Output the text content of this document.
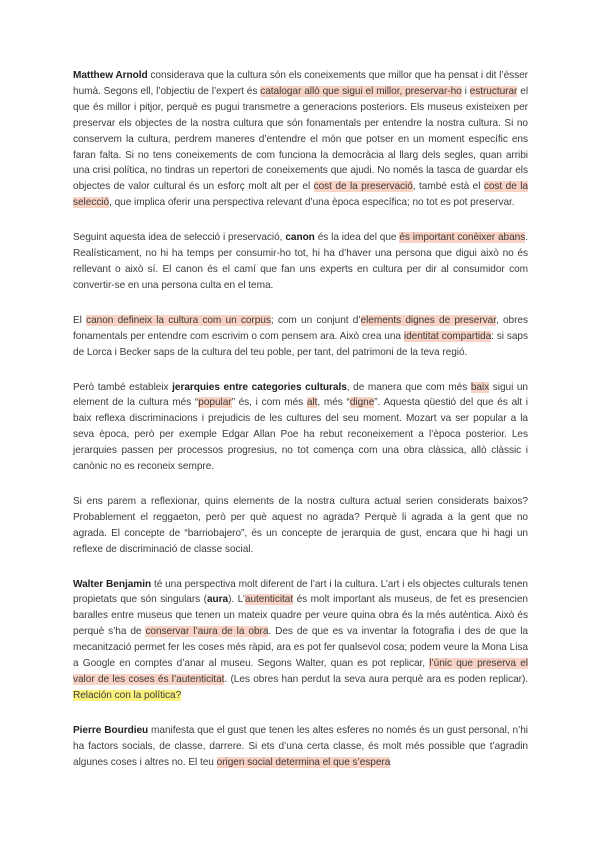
Matthew Arnold considerava que la cultura són els coneixements que millor que ha pensat i dit l’ésser humà. Segons ell, l’objectiu de l’expert és catalogar allò que sigui el millor, preservar-ho i estructurar el que és millor i pitjor, perquè es pugui transmetre a generacions posteriors. Els museus existeixen per preservar els objectes de la nostra cultura que són fonamentals per entendre la nostra cultura. Si no conservem la cultura, perdrem maneres d’entendre el món que potser en un moment específic ens faran falta. Si no tens coneixements de com funciona la democràcia al llarg dels segles, quan arribi una crisi política, no tindras un repertori de coneixements que ajudi. No només la tasca de guardar els objectes de valor cultural és un esforç molt alt per el cost de la preservació, també està el cost de la selecció, que implica oferir una perspectiva relevant d’una època específica; no tot es pot preservar.

Seguint aquesta idea de selecció i preservació, canon és la idea del que és important conèixer abans. Realísticament, no hi ha temps per consumir-ho tot, hi ha d’haver una persona que digui això no és rellevant o això sí. El canon és el camí que fan uns experts en cultura per dir al consumidor com convertir-se en una persona culta en el tema.

El canon defineix la cultura com un corpus; com un conjunt d’elements dignes de preservar, obres fonamentals per entendre com escrivim o com pensem ara. Això crea una identitat compartida: si saps de Lorca i Becker saps de la cultura del teu poble, per tant, del patrimoni de la teva regió.

Però també estableix jerarquies entre categories culturals, de manera que com més baix sigui un element de la cultura més “popular” és, i com més alt, més “digne”. Aquesta qüestió del que és alt i baix reflexa discriminacions i prejudicis de les cultures del seu moment. Mozart va ser popular a la seva època, però per exemple Edgar Allan Poe ha rebut reconeixement a l’època posterior. Les jerarquies passen per processos progresius, no tot comença com una obra clàssica, allò clàssic i canònic no es reconeix sempre.

Si ens parem a reflexionar, quins elements de la nostra cultura actual serien considerats baixos? Probablement el reggaeton, però per què aquest no agrada? Perquè li agrada a la gent que no agrada. El concepte de “barriobajero”, és un concepte de jerarquia de gust, encara que hi hagi un reflexe de discriminació de classe social.

Walter Benjamin té una perspectiva molt diferent de l’art i la cultura. L’art i els objectes culturals tenen propietats que són singulars (aura). L’autenticitat és molt important als museus, de fet es presencien baralles entre museus que tenen un mateix quadre per veure quina obra és la més autèntica. Això és perquè s’ha de conservar l’aura de la obra. Des de que es va inventar la fotografia i des de que la mecanització permet fer les coses més ràpid, ara es pot fer qualsevol cosa; podem veure la Mona Lisa a Google en comptes d’anar al museu. Segons Walter, quan es pot replicar, l’únic que preserva el valor de les coses és l’autenticitat. (Les obres han perdut la seva aura perquè ara es poden replicar). Relación con la política?

Pierre Bourdieu manifesta que el gust que tenen les altes esferes no només és un gust personal, n’hi ha factors socials, de classe, darrere. Si ets d’una certa classe, és molt més possible que t’agradin algunes coses i altres no. El teu origen social determina el que s’espera
